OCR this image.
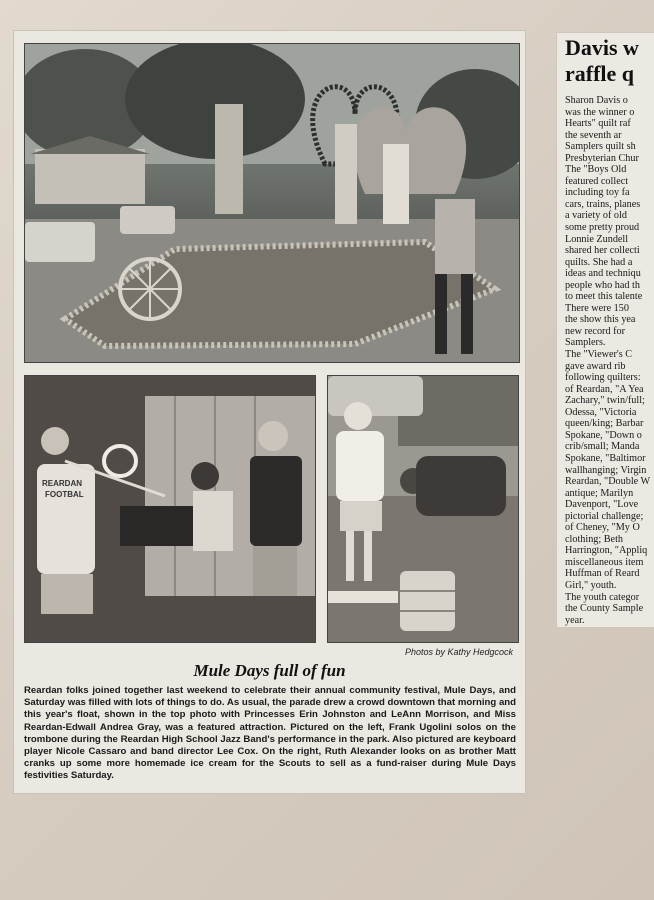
REARDAN
FOOTBAL
Photos by Kathy Hedgcock
Mule Days full of fun
Reardan folks joined together last weekend to celebrate their annual community festival, Mule Days, and Saturday was filled with lots of things to do. As usual, the parade drew a crowd downtown that morning and this year's float, shown in the top photo with Princesses Erin Johnston and LeAnn Morrison, and Miss Reardan-Edwall Andrea Gray, was a featured attraction. Pictured on the left, Frank Ugolini solos on the trombone during the Reardan High School Jazz Band's performance in the park. Also pictured are keyboard player Nicole Cassaro and band director Lee Cox. On the right, Ruth Alexander looks on as brother Matt cranks up some more homemade ice cream for the Scouts to sell as a fund-raiser during Mule Days festivities Saturday.
Davis w
raffle q
Sharon Davis o
was the winner o
Hearts" quilt raf
the seventh ar
Samplers quilt sh
Presbyterian Chur
The "Boys Old
featured collect
including toy fa
cars, trains, planes
a variety of old
some pretty proud
Lonnie Zundell
shared her collecti
quilts. She had a
ideas and techniqu
people who had th
to meet this talente
There were 150
the show this yea
new record for
Samplers.
The "Viewer's C
gave award rib
following quilters:
of Reardan, "A Yea
Zachary," twin/full;
Odessa, "Victoria
queen/king; Barbar
Spokane, "Down o
crib/small; Manda
Spokane, "Baltimor
wallhanging; Virgin
Reardan, "Double W
antique; Marilyn
Davenport, "Love
pictorial challenge;
of Cheney, "My O
clothing; Beth
Harrington, "Appliq
miscellaneous item
Huffman of Reard
Girl," youth.
The youth categor
the County Sample
year.
